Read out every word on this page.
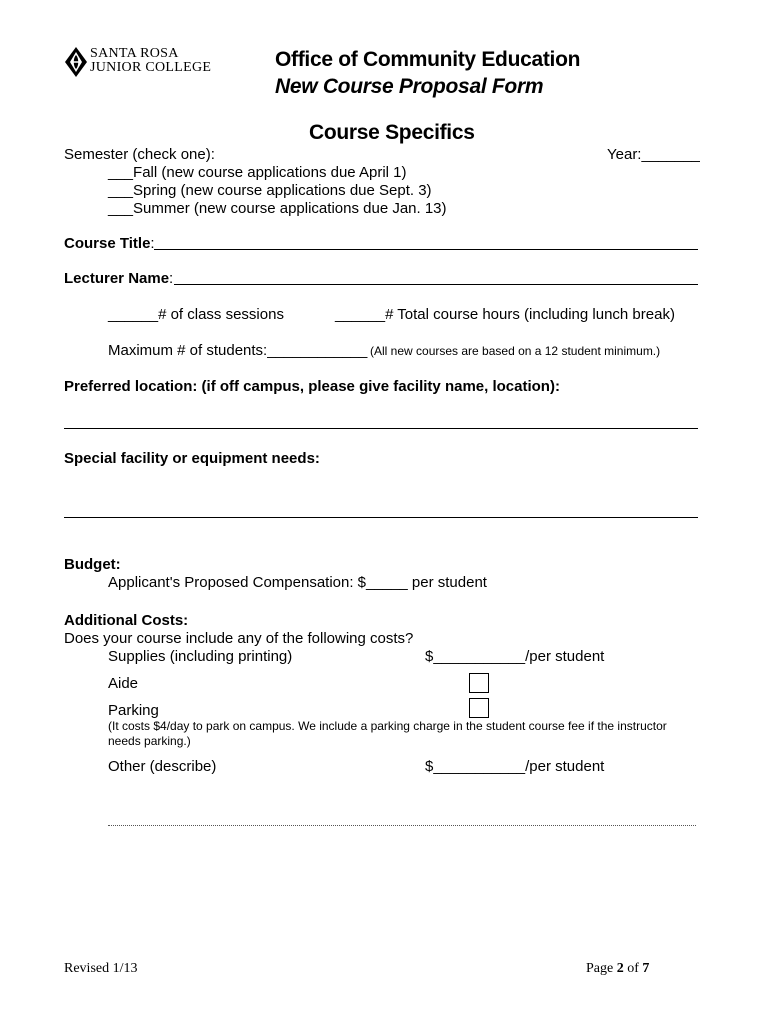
SANTA ROSA
JUNIOR COLLEGE	Office of Community Education
New Course Proposal Form
Course Specifics
Semester (check one):	Year:_______
___Fall (new course applications due April 1)
___Spring (new course applications due Sept. 3)
___Summer (new course applications due Jan. 13)
Course Title:
Lecturer Name:
______# of class sessions	______# Total course hours (including lunch break)
Maximum # of students:____________ (All new courses are based on a 12 student minimum.)
Preferred location: (if off campus, please give facility name, location):
Special facility or equipment needs:
Budget:
Applicant's Proposed Compensation: $_____ per student
Additional Costs:
Does your course include any of the following costs?
Supplies (including printing)	$___________/per student
Aide
Parking
(It costs $4/day to park on campus. We include a parking charge in the student course fee if the instructor
needs parking.)
Other (describe)	$___________/per student
Revised 1/13	Page 2 of 7
